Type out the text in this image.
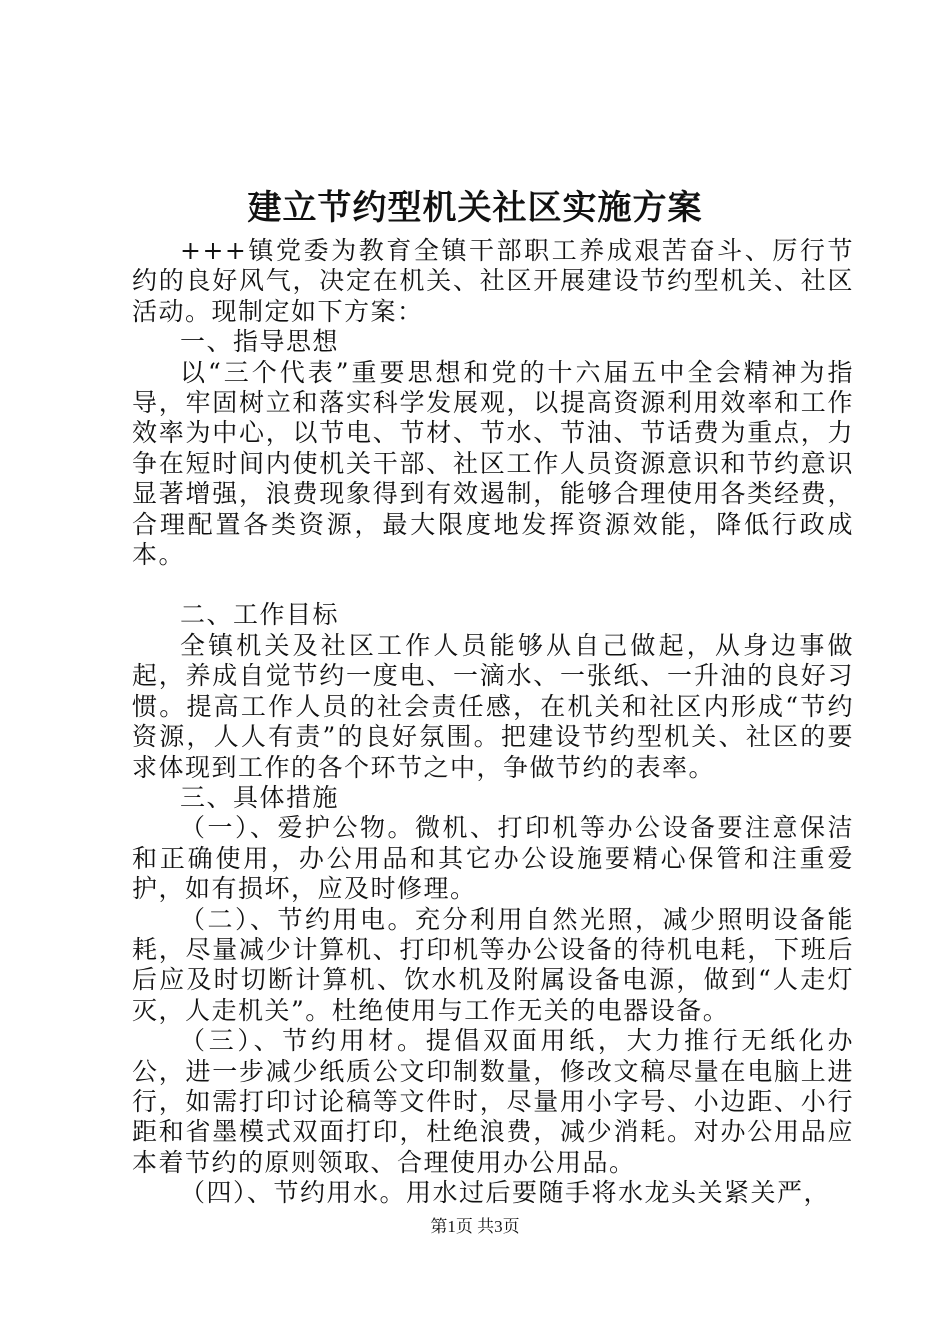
建立节约型机关社区实施方案

+++镇党委为教育全镇干部职工养成艰苦奋斗、厉行节约的良好风气，决定在机关、社区开展建设节约型机关、社区活动。现制定如下方案：

一、指导思想

以“三个代表”重要思想和党的十六届五中全会精神为指导，牢固树立和落实科学发展观，以提高资源利用效率和工作效率为中心，以节电、节材、节水、节油、节话费为重点，力争在短时间内使机关干部、社区工作人员资源意识和节约意识显著增强，浪费现象得到有效遏制，能够合理使用各类经费，合理配置各类资源，最大限度地发挥资源效能，降低行政成本。

二、工作目标

全镇机关及社区工作人员能够从自己做起，从身边事做起，养成自觉节约一度电、一滴水、一张纸、一升油的良好习惯。提高工作人员的社会责任感，在机关和社区内形成“节约资源，人人有责”的良好氛围。把建设节约型机关、社区的要求体现到工作的各个环节之中，争做节约的表率。

三、具体措施

（一）、爱护公物。微机、打印机等办公设备要注意保洁和正确使用，办公用品和其它办公设施要精心保管和注重爱护，如有损坏，应及时修理。

（二）、节约用电。充分利用自然光照，减少照明设备能耗，尽量减少计算机、打印机等办公设备的待机电耗，下班后后应及时切断计算机、饮水机及附属设备电源，做到“人走灯灭，人走机关”。杜绝使用与工作无关的电器设备。

（三）、节约用材。提倡双面用纸，大力推行无纸化办公，进一步减少纸质公文印制数量，修改文稿尽量在电脑上进行，如需打印讨论稿等文件时，尽量用小字号、小边距、小行距和省墨模式双面打印，杜绝浪费，减少消耗。对办公用品应本着节约的原则领取、合理使用办公用品。

（四）、节约用水。用水过后要随手将水龙头关紧关严，

第1页 共3页
